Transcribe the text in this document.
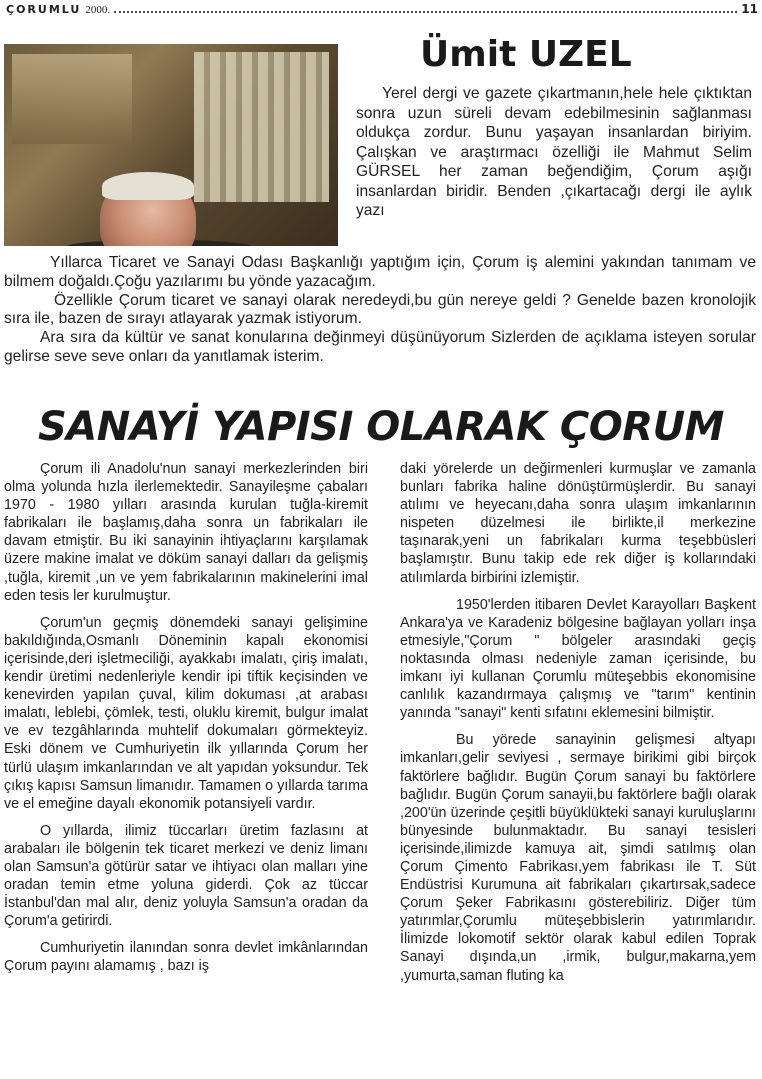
ÇORUMLU 2000.	11
Ümit UZEL

Yerel dergi ve gazete çıkartmanın,hele hele çıktıktan sonra uzun süreli devam edebilmesinin sağlanması oldukça zordur. Bunu yaşayan insanlardan biriyim. Çalışkan ve araştırmacı özelliği ile Mahmut Selim GÜRSEL her zaman beğendiğim, Çorum aşığı insanlardan biridir. Benden ,çıkartacağı dergi ile aylık yazı

Yıllarca Ticaret ve Sanayi Odası Başkanlığı yaptığım için, Çorum iş alemini yakından tanımam ve bilmem doğaldı.Çoğu yazılarımı bu yönde yazacağım.

Özellikle Çorum ticaret ve sanayi olarak neredeydi,bu gün nereye geldi ? Genelde bazen kronolojik sıra ile, bazen de sırayı atlayarak yazmak istiyorum.

Ara sıra da kültür ve sanat konularına değinmeyi düşünüyorum Sizlerden de açıklama isteyen sorular gelirse seve seve onları da yanıtlamak isterim.

SANAYİ YAPISI OLARAK ÇORUM

Çorum ili Anadolu'nun sanayi merkezlerinden biri olma yolunda hızla ilerlemektedir. Sanayileşme çabaları 1970 - 1980 yılları arasında kurulan tuğla-kiremit fabrikaları ile başlamış,daha sonra un fabrikaları ile davam etmiştir. Bu iki sanayinin ihtiyaçlarını karşılamak üzere makine imalat ve döküm sanayi dalları da gelişmiş ,tuğla, kiremit ,un ve yem fabrikalarının makinelerini imal eden tesis ler kurulmuştur.

Çorum'un geçmiş dönemdeki sanayi gelişimine bakıldığında,Osmanlı Döneminin kapalı ekonomisi içerisinde,deri işletmeciliği, ayakkabı imalatı, çiriş imalatı, kendir üretimi nedenleriyle kendir ipi tiftik keçisinden ve kenevirden yapılan çuval, kilim dokuması ,at arabası imalatı, leblebi, çömlek, testi, oluklu kiremit, bulgur imalat ve ev tezgâhlarında muhtelif dokumaları görmekteyiz. Eski dönem ve Cumhuriyetin ilk yıllarında Çorum her türlü ulaşım imkanlarından ve alt yapıdan yoksundur. Tek çıkış kapısı Samsun limanıdır. Tamamen o yıllarda tarıma ve el emeğine dayalı ekonomik potansiyeli vardır.

O yıllarda, ilimiz tüccarları üretim fazlasını at arabaları ile bölgenin tek ticaret merkezi ve deniz limanı olan Samsun'a götürür satar ve ihtiyacı olan malları yine oradan temin etme yoluna giderdi. Çok az tüccar İstanbul'dan mal alır, deniz yoluyla Samsun'a oradan da Çorum'a getirirdi.

Cumhuriyetin ilanından sonra devlet imkânlarından Çorum payını alamamış , bazı iş

daki yörelerde un değirmenleri kurmuşlar ve zamanla bunları fabrika haline dönüştürmüşlerdir. Bu sanayi atılımı ve heyecanı,daha sonra ulaşım imkanlarının nispeten düzelmesi ile birlikte,il merkezine taşınarak,yeni un fabrikaları kurma teşebbüsleri başlamıştır. Bunu takip ede rek diğer iş kollarındaki atılımlarda birbirini izlemiştir.

1950'lerden itibaren Devlet Karayolları Başkent Ankara'ya ve Karadeniz bölgesine bağlayan yolları inşa etmesiyle,"Çorum " bölgeler arasındaki geçiş noktasında olması nedeniyle zaman içerisinde, bu imkanı iyi kullanan Çorumlu müteşebbis ekonomisine canlılık kazandırmaya çalışmış ve "tarım" kentinin yanında "sanayi" kenti sıfatını eklemesini bilmiştir.

Bu yörede sanayinin gelişmesi altyapı imkanları,gelir seviyesi , sermaye birikimi gibi birçok faktörlere bağlıdır. Bugün Çorum sanayi bu faktörlere bağlıdır. Bugün Çorum sanayii,bu faktörlere bağlı olarak ,200'ün üzerinde çeşitli büyüklükteki sanayi kuruluşlarını bünyesinde bulunmaktadır. Bu sanayi tesisleri içerisinde,ilimizde kamuya ait, şimdi satılmış olan Çorum Çimento Fabrikası,yem fabrikası ile T. Süt Endüstrisi Kurumuna ait fabrikaları çıkartırsak,sadece Çorum Şeker Fabrikasını gösterebiliriz. Diğer tüm yatırımlar,Çorumlu müteşebbislerin yatırımlarıdır. İlimizde lokomotif sektör olarak kabul edilen Toprak Sanayi dışında,un ,irmik, bulgur,makarna,yem ,yumurta,saman fluting ka
